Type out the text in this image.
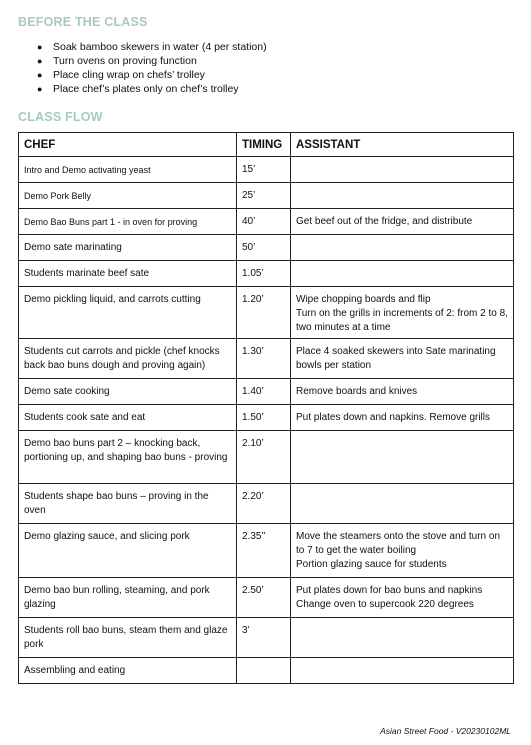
BEFORE THE CLASS
● Soak bamboo skewers in water (4 per station)
● Turn ovens on proving function
● Place cling wrap on chefs’ trolley
● Place chef’s plates only on chef’s trolley
CLASS FLOW
CHEF	TIMING	ASSISTANT
Intro and Demo activating yeast	15’	
Demo Pork Belly	25’	
Demo Bao Buns part 1 - in oven for proving	40’	Get beef out of the fridge, and distribute
Demo sate marinating	50’	
Students marinate beef sate	1.05’	
Demo pickling liquid, and carrots cutting	1.20’	Wipe chopping boards and flip
Turn on the grills in increments of 2: from 2 to 8, two minutes at a time
Students cut carrots and pickle (chef knocks back bao buns dough and proving again)	1.30’	Place 4 soaked skewers into Sate marinating bowls per station
Demo sate cooking	1.40’	Remove boards and knives
Students cook sate and eat	1.50’	Put plates down and napkins. Remove grills
Demo bao buns part 2 – knocking back, portioning up, and shaping bao buns - proving	2.10’	
Students shape bao buns – proving in the oven	2.20’	
Demo glazing sauce, and slicing pork	2.35’’	Move the steamers onto the stove and turn on to 7 to get the water boiling
Portion glazing sauce for students
Demo bao bun rolling, steaming, and pork glazing	2.50’	Put plates down for bao buns and napkins
Change oven to supercook 220 degrees
Students roll bao buns, steam them and glaze pork	3’	
Assembling and eating		
Asian Street Food - V20230102ML
